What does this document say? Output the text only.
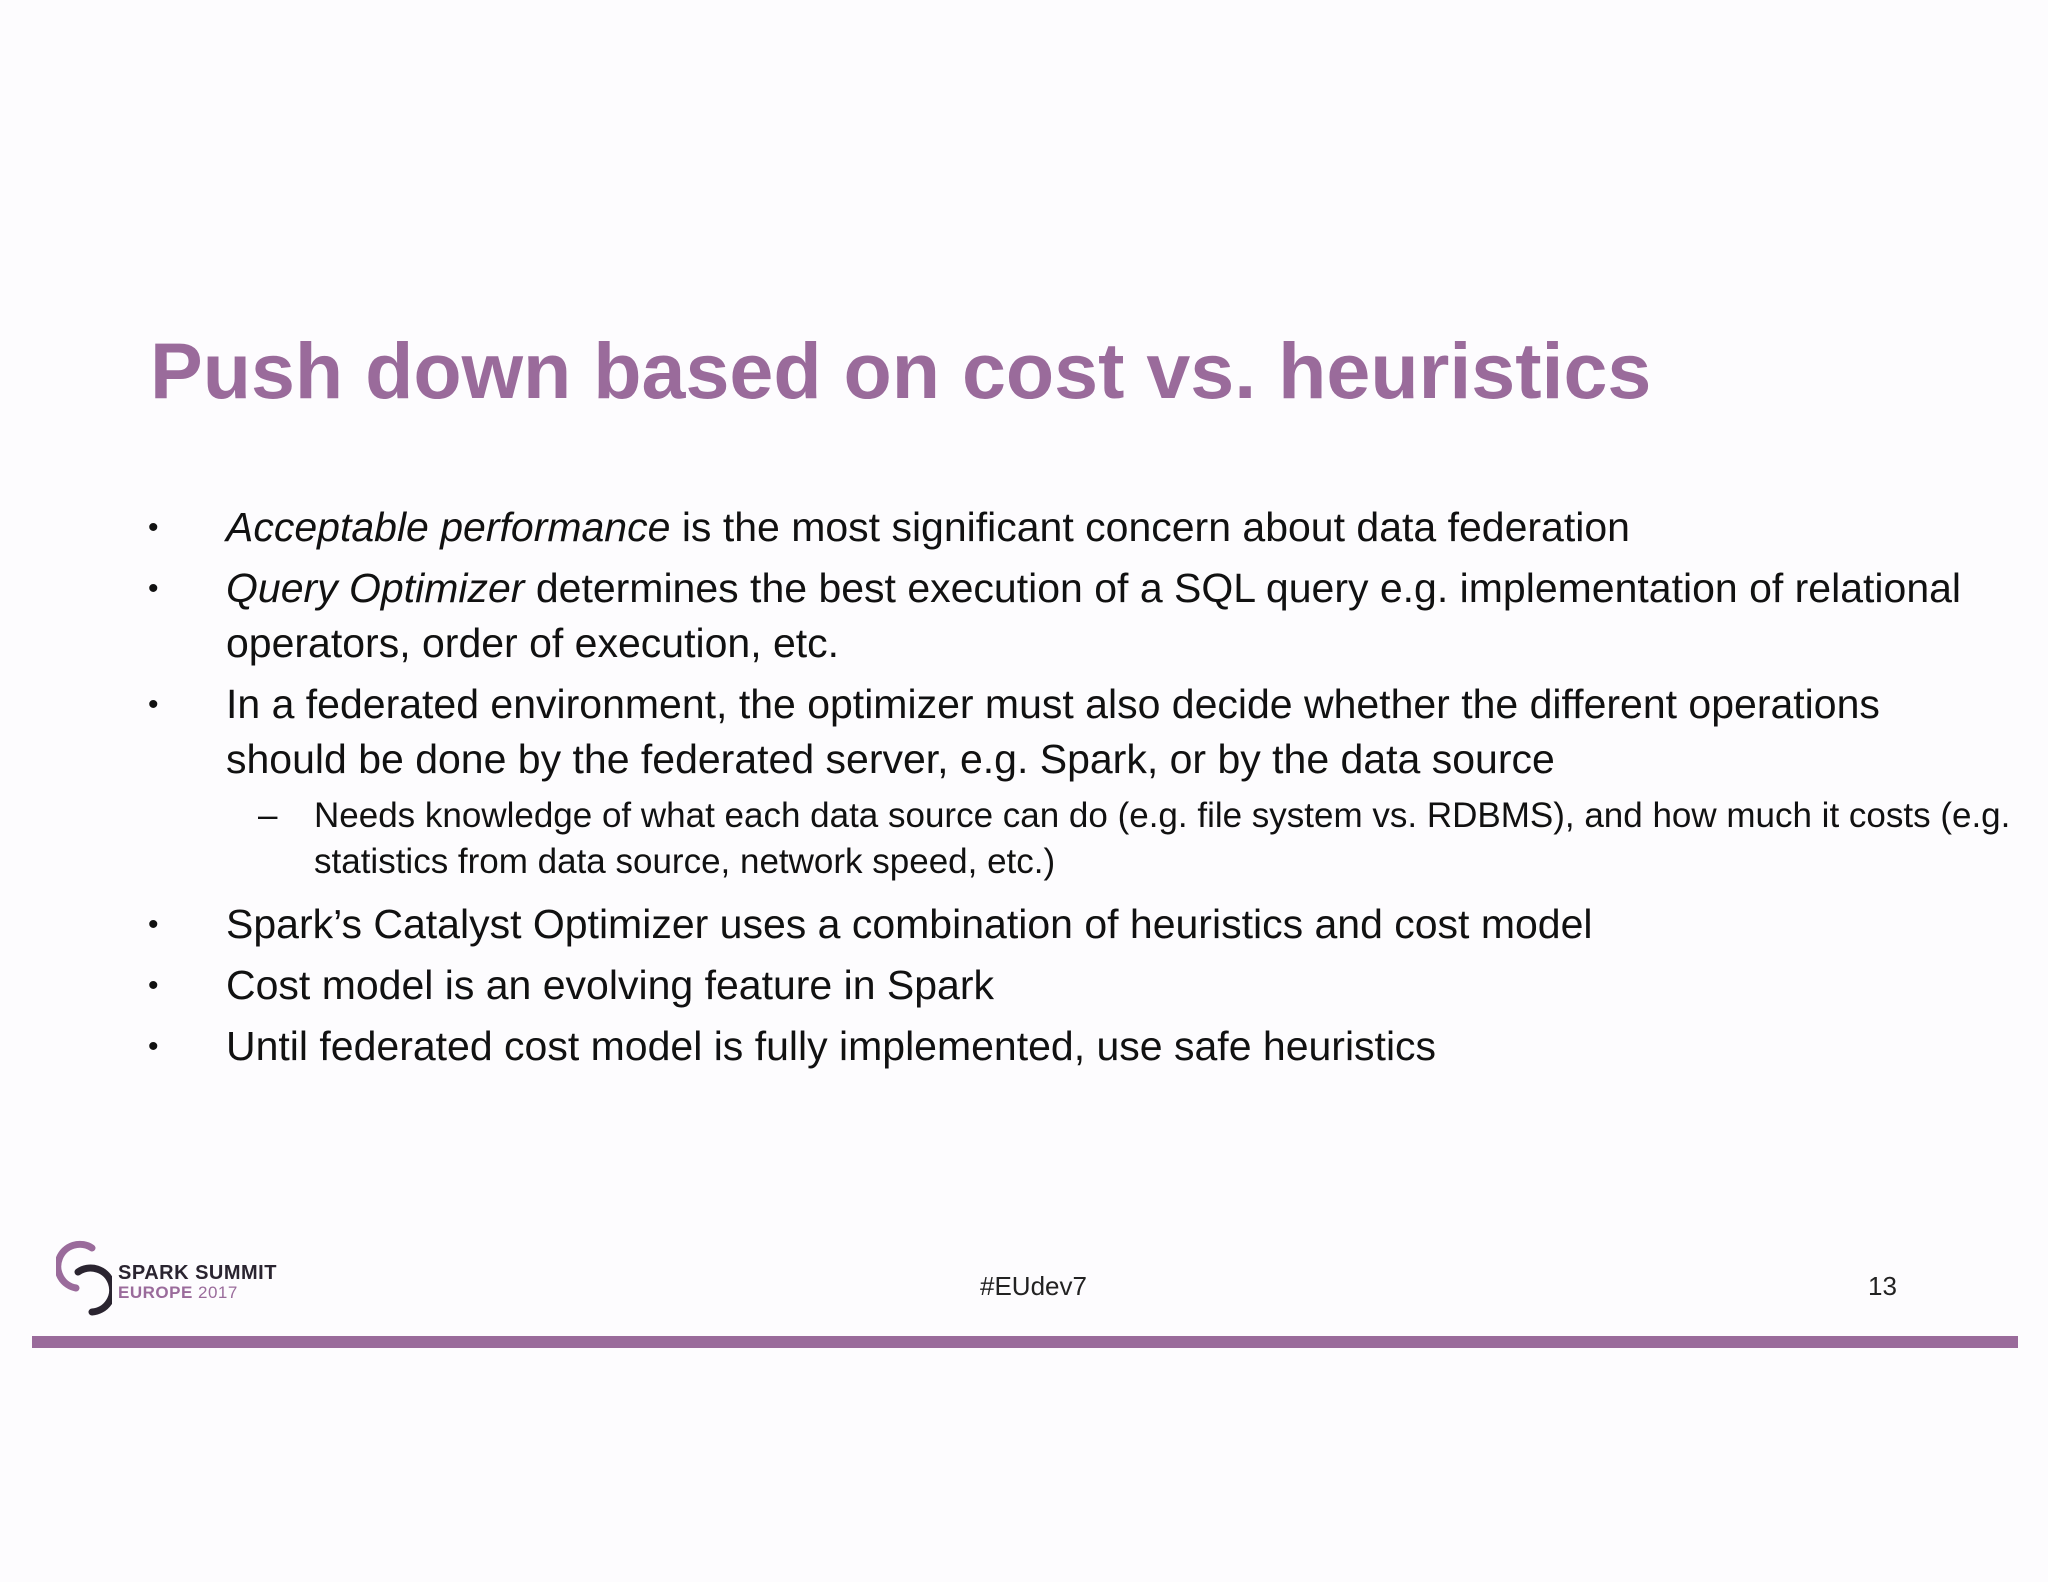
Push down based on cost vs. heuristics
•	Acceptable performance is the most significant concern about data federation
•	Query Optimizer determines the best execution of a SQL query e.g. implementation of relational operators, order of execution, etc.
•	In a federated environment, the optimizer must also decide whether the different operations should be done by the federated server, e.g. Spark, or by the data source
– Needs knowledge of what each data source can do (e.g. file system vs. RDBMS), and how much it costs (e.g. statistics from data source, network speed, etc.)
•	Spark’s Catalyst Optimizer uses a combination of heuristics and cost model
•	Cost model is an evolving feature in Spark
•	Until federated cost model is fully implemented, use safe heuristics
SPARK SUMMIT
EUROPE 2017	#EUdev7	13
